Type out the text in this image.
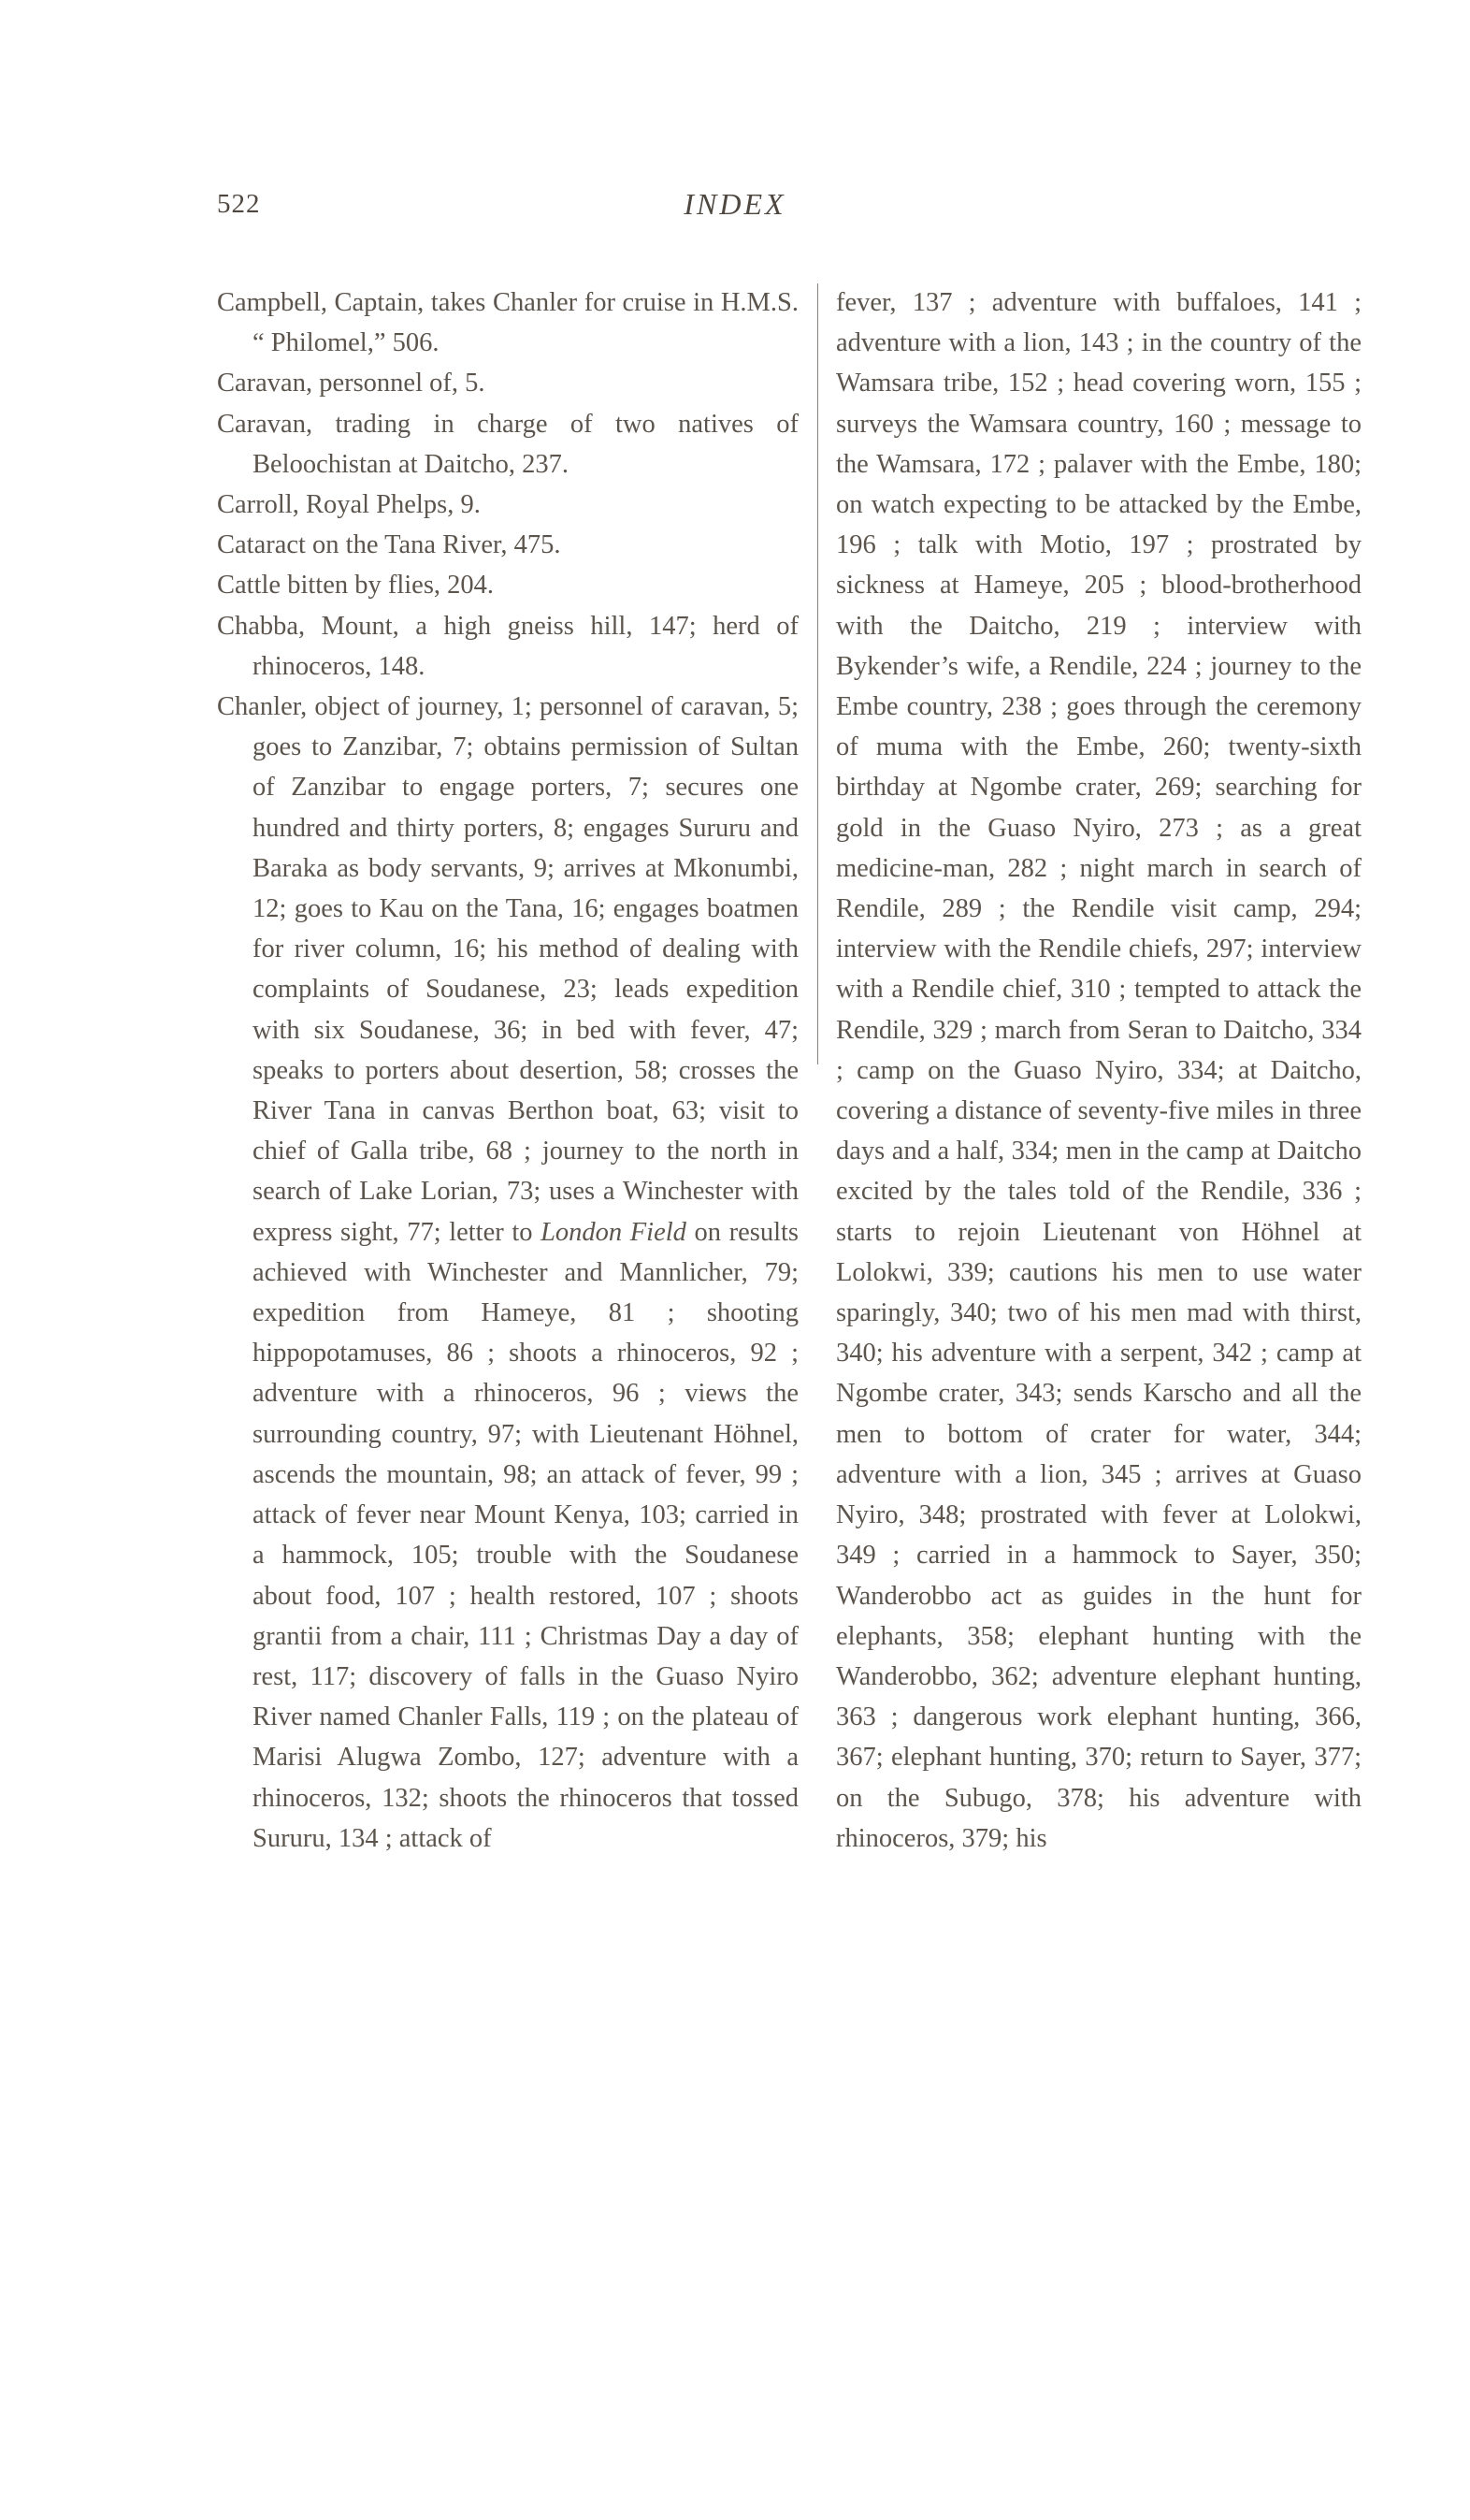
522	INDEX

Campbell, Captain, takes Chanler for cruise in H.M.S. “ Philomel,” 506.

Caravan, personnel of, 5.

Caravan, trading in charge of two natives of Beloochistan at Daitcho, 237.

Carroll, Royal Phelps, 9.

Cataract on the Tana River, 475.

Cattle bitten by flies, 204.

Chabba, Mount, a high gneiss hill, 147; herd of rhinoceros, 148.

Chanler, object of journey, 1; personnel of caravan, 5; goes to Zanzibar, 7; obtains permission of Sultan of Zanzibar to engage porters, 7; secures one hundred and thirty porters, 8; engages Sururu and Baraka as body servants, 9; arrives at Mkonumbi, 12; goes to Kau on the Tana, 16; engages boatmen for river column, 16; his method of dealing with complaints of Soudanese, 23; leads expedition with six Soudanese, 36; in bed with fever, 47; speaks to porters about desertion, 58; crosses the River Tana in canvas Berthon boat, 63; visit to chief of Galla tribe, 68 ; journey to the north in search of Lake Lorian, 73; uses a Winchester with express sight, 77; letter to London Field on results achieved with Winchester and Mannlicher, 79; expedition from Hameye, 81 ; shooting hippopotamuses, 86 ; shoots a rhinoceros, 92 ; adventure with a rhinoceros, 96 ; views the surrounding country, 97; with Lieutenant Höhnel, ascends the mountain, 98; an attack of fever, 99 ; attack of fever near Mount Kenya, 103; carried in a hammock, 105; trouble with the Soudanese about food, 107 ; health restored, 107 ; shoots grantii from a chair, 111 ; Christmas Day a day of rest, 117; discovery of falls in the Guaso Nyiro River named Chanler Falls, 119 ; on the plateau of Marisi Alugwa Zombo, 127; adventure with a rhinoceros, 132; shoots the rhinoceros that tossed Sururu, 134 ; attack of

fever, 137 ; adventure with buffaloes, 141 ; adventure with a lion, 143 ; in the country of the Wamsara tribe, 152 ; head covering worn, 155 ; surveys the Wamsara country, 160 ; message to the Wamsara, 172 ; palaver with the Embe, 180; on watch expecting to be attacked by the Embe, 196 ; talk with Motio, 197 ; prostrated by sickness at Hameye, 205 ; blood-brotherhood with the Daitcho, 219 ; interview with Bykender’s wife, a Rendile, 224 ; journey to the Embe country, 238 ; goes through the ceremony of muma with the Embe, 260; twenty-sixth birthday at Ngombe crater, 269; searching for gold in the Guaso Nyiro, 273 ; as a great medicine-man, 282 ; night march in search of Rendile, 289 ; the Rendile visit camp, 294; interview with the Rendile chiefs, 297; interview with a Rendile chief, 310 ; tempted to attack the Rendile, 329 ; march from Seran to Daitcho, 334 ; camp on the Guaso Nyiro, 334; at Daitcho, covering a distance of seventy-five miles in three days and a half, 334; men in the camp at Daitcho excited by the tales told of the Rendile, 336 ; starts to rejoin Lieutenant von Höhnel at Lolokwi, 339; cautions his men to use water sparingly, 340; two of his men mad with thirst, 340; his adventure with a serpent, 342 ; camp at Ngombe crater, 343; sends Karscho and all the men to bottom of crater for water, 344; adventure with a lion, 345 ; arrives at Guaso Nyiro, 348; prostrated with fever at Lolokwi, 349 ; carried in a hammock to Sayer, 350; Wanderobbo act as guides in the hunt for elephants, 358; elephant hunting with the Wanderobbo, 362; adventure elephant hunting, 363 ; dangerous work elephant hunting, 366, 367; elephant hunting, 370; return to Sayer, 377; on the Subugo, 378; his adventure with rhinoceros, 379; his
